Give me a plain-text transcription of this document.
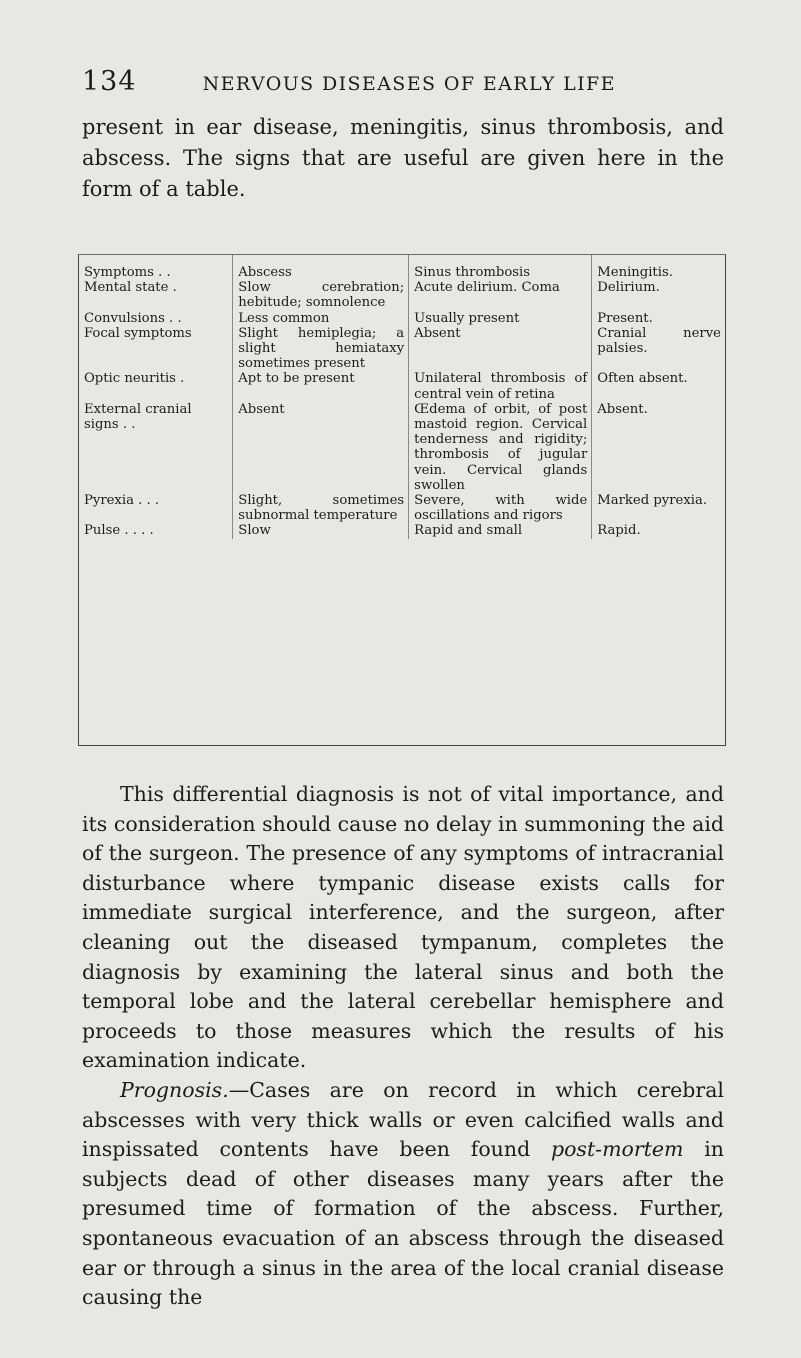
134	NERVOUS DISEASES OF EARLY LIFE

present in ear disease, meningitis, sinus thrombosis, and abscess. The signs that are useful are given here in the form of a table.

Symptoms . .	Abscess	Sinus thrombosis	Meningitis.
Mental state .	Slow cerebration; hebitude; somnolence	Acute delirium. Coma	Delirium.
Convulsions . .	Less common	Usually present	Present.
Focal symptoms	Slight hemiplegia; a slight hemiataxy sometimes present	Absent	Cranial nerve palsies.
Optic neuritis .	Apt to be present	Unilateral thrombosis of central vein of retina	Often absent.
External cranial signs . .	Absent	Œdema of orbit, of post mastoid region. Cervical tenderness and rigidity; thrombosis of jugular vein. Cervical glands swollen	Absent.
Pyrexia . . .	Slight, sometimes subnormal temperature	Severe, with wide oscillations and rigors	Marked pyrexia.
Pulse . . . .	Slow	Rapid and small	Rapid.
This differential diagnosis is not of vital importance, and its consideration should cause no delay in summoning the aid of the surgeon. The presence of any symptoms of intracranial disturbance where tympanic disease exists calls for immediate surgical interference, and the surgeon, after cleaning out the diseased tympanum, completes the diagnosis by examining the lateral sinus and both the temporal lobe and the lateral cerebellar hemisphere and proceeds to those measures which the results of his examination indicate.
Prognosis.—Cases are on record in which cerebral abscesses with very thick walls or even calcified walls and inspissated contents have been found post-mortem in subjects dead of other diseases many years after the presumed time of formation of the abscess. Further, spontaneous evacuation of an abscess through the diseased ear or through a sinus in the area of the local cranial disease causing the
